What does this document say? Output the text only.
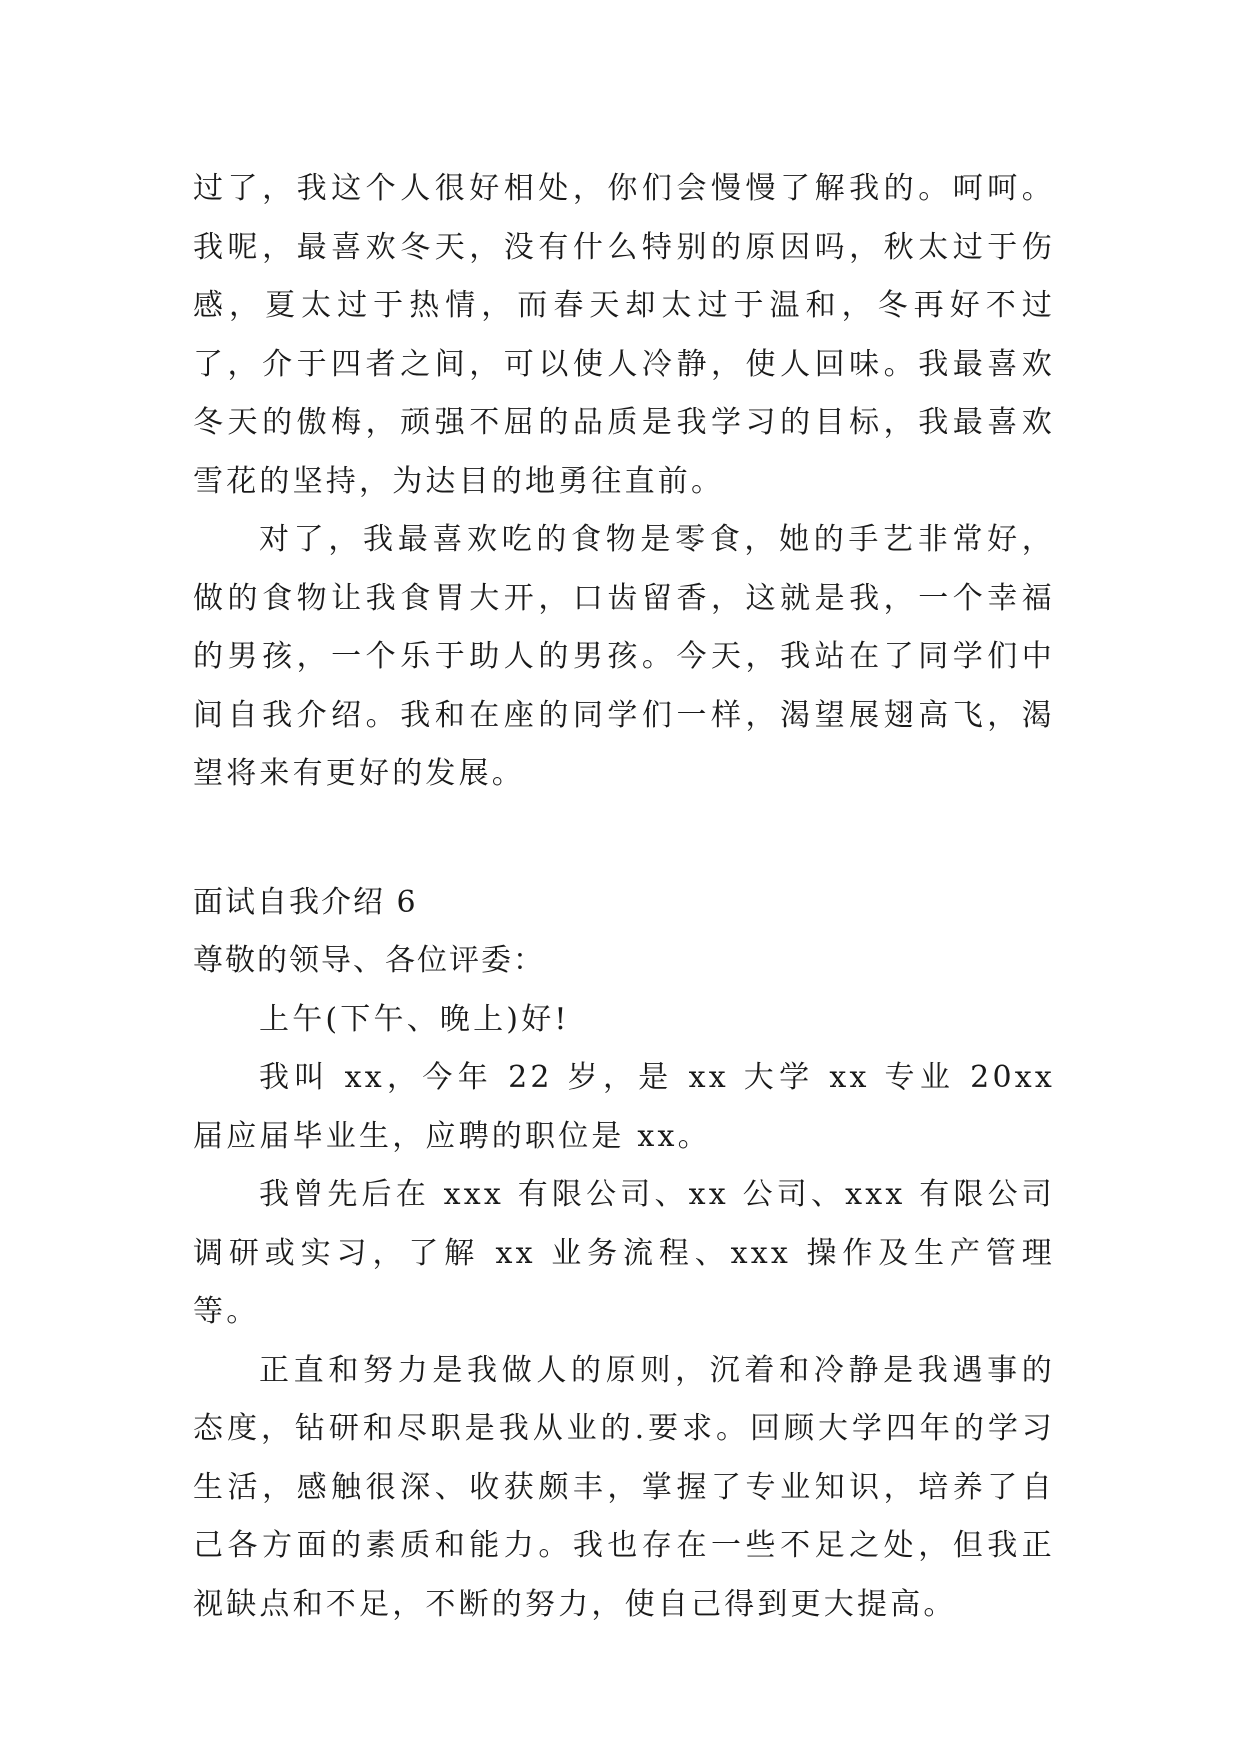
过了，我这个人很好相处，你们会慢慢了解我的。呵呵。我呢，最喜欢冬天，没有什么特别的原因吗，秋太过于伤感，夏太过于热情，而春天却太过于温和，冬再好不过了，介于四者之间，可以使人冷静，使人回味。我最喜欢冬天的傲梅，顽强不屈的品质是我学习的目标，我最喜欢雪花的坚持，为达目的地勇往直前。

对了，我最喜欢吃的食物是零食，她的手艺非常好，做的食物让我食胃大开，口齿留香，这就是我，一个幸福的男孩，一个乐于助人的男孩。今天，我站在了同学们中间自我介绍。我和在座的同学们一样，渴望展翅高飞，渴望将来有更好的发展。

面试自我介绍 6

尊敬的领导、各位评委：

上午(下午、晚上)好!

我叫 xx，今年 22 岁，是 xx 大学 xx 专业 20xx 届应届毕业生，应聘的职位是 xx。

我曾先后在 xxx 有限公司、xx 公司、xxx 有限公司调研或实习，了解 xx 业务流程、xxx 操作及生产管理等。

正直和努力是我做人的原则，沉着和冷静是我遇事的态度，钻研和尽职是我从业的.要求。回顾大学四年的学习生活，感触很深、收获颇丰，掌握了专业知识，培养了自己各方面的素质和能力。我也存在一些不足之处，但我正视缺点和不足，不断的努力，使自己得到更大提高。
